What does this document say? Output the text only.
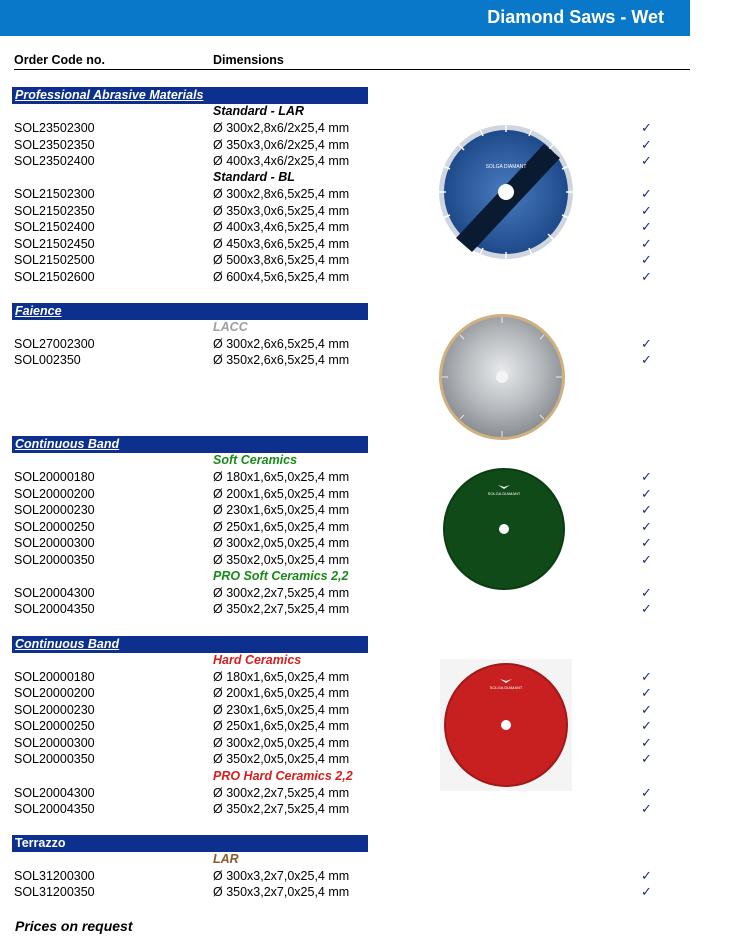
Diamond Saws - Wet
Order Code no.	Dimensions
Professional Abrasive Materials
Standard - LAR
SOL23502300	Ø 300x2,8x6/2x25,4 mm	✓
SOL23502350	Ø 350x3,0x6/2x25,4 mm	✓
SOL23502400	Ø 400x3,4x6/2x25,4 mm	✓
Standard - BL
SOL21502300	Ø 300x2,8x6,5x25,4 mm	✓
SOL21502350	Ø 350x3,0x6,5x25,4 mm	✓
SOL21502400	Ø 400x3,4x6,5x25,4 mm	✓
SOL21502450	Ø 450x3,6x6,5x25,4 mm	✓
SOL21502500	Ø 500x3,8x6,5x25,4 mm	✓
SOL21502600	Ø 600x4,5x6,5x25,4 mm	✓
SOLGA DIAMANT
Faience
LACC
SOL27002300	Ø 300x2,6x6,5x25,4 mm	✓
SOL002350	Ø 350x2,6x6,5x25,4 mm	✓
Continuous Band
Soft Ceramics
SOL20000180	Ø 180x1,6x5,0x25,4 mm	✓
SOL20000200	Ø 200x1,6x5,0x25,4 mm	✓
SOL20000230	Ø 230x1,6x5,0x25,4 mm	✓
SOL20000250	Ø 250x1,6x5,0x25,4 mm	✓
SOL20000300	Ø 300x2,0x5,0x25,4 mm	✓
SOL20000350	Ø 350x2,0x5,0x25,4 mm	✓
PRO Soft Ceramics 2,2
SOL20004300	Ø 300x2,2x7,5x25,4 mm	✓
SOL20004350	Ø 350x2,2x7,5x25,4 mm	✓
SOLGA DIAMANT
Continuous Band
Hard Ceramics
SOL20000180	Ø 180x1,6x5,0x25,4 mm	✓
SOL20000200	Ø 200x1,6x5,0x25,4 mm	✓
SOL20000230	Ø 230x1,6x5,0x25,4 mm	✓
SOL20000250	Ø 250x1,6x5,0x25,4 mm	✓
SOL20000300	Ø 300x2,0x5,0x25,4 mm	✓
SOL20000350	Ø 350x2,0x5,0x25,4 mm	✓
PRO Hard Ceramics 2,2
SOL20004300	Ø 300x2,2x7,5x25,4 mm	✓
SOL20004350	Ø 350x2,2x7,5x25,4 mm	✓
SOLGA DIAMANT
Terrazzo
LAR
SOL31200300	Ø 300x3,2x7,0x25,4 mm	✓
SOL31200350	Ø 350x3,2x7,0x25,4 mm	✓
Prices on request
